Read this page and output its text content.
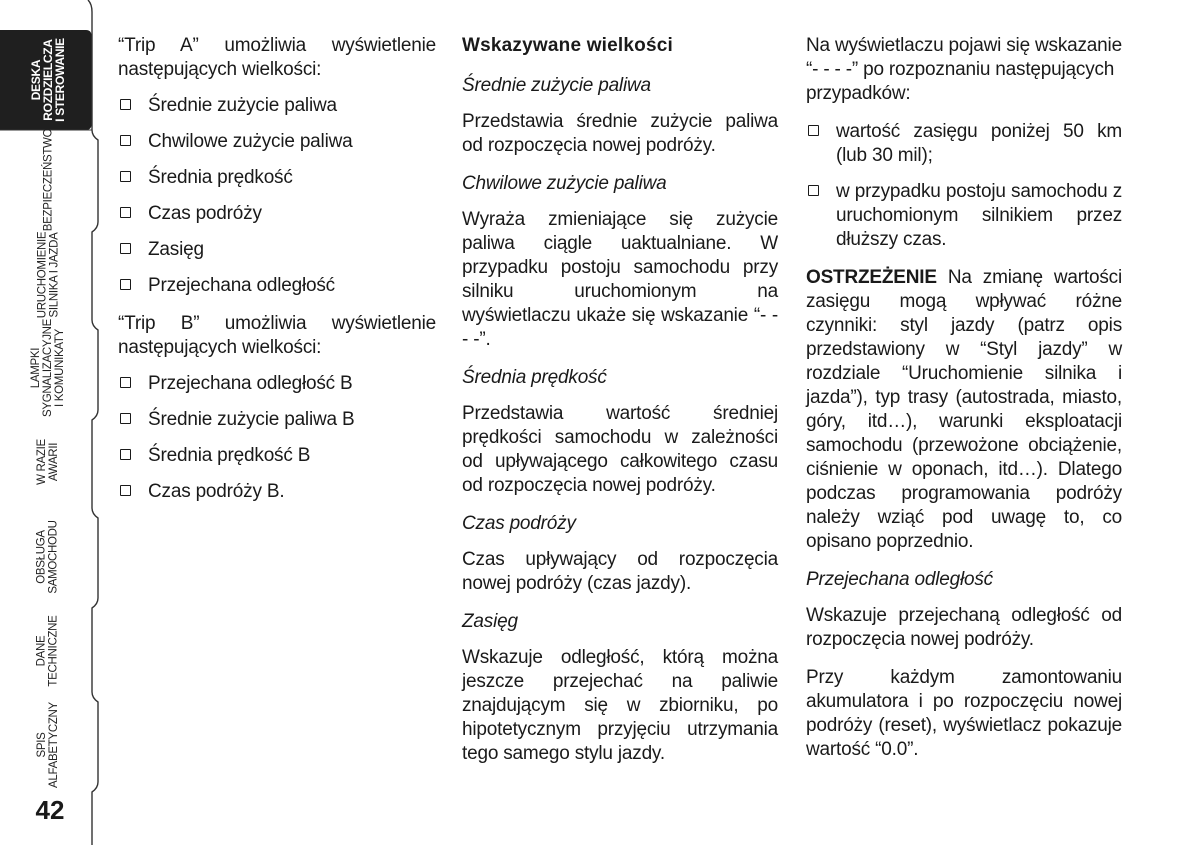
DESKA
ROZDZIELCZA
I STEROWANIE
BEZPIECZEŃSTWO
URUCHOMIENIE SILNIKA I JAZDA
LAMPKI SYGNALIZACYJNE I KOMUNIKATY
W RAZIE AWARII
OBSŁUGA SAMOCHODU
DANE TECHNICZNE
SPIS ALFABETYCZNY
42

“Trip A” umożliwia wyświetlenie następujących wielkości:

Średnie zużycie paliwa
Chwilowe zużycie paliwa
Średnia prędkość
Czas podróży
Zasięg
Przejechana odległość

“Trip B” umożliwia wyświetlenie następujących wielkości:

Przejechana odległość B
Średnie zużycie paliwa B
Średnia prędkość B
Czas podróży B.
Wskazywane wielkości

Średnie zużycie paliwa

Przedstawia średnie zużycie paliwa od rozpoczęcia nowej podróży.

Chwilowe zużycie paliwa

Wyraża zmieniające się zużycie paliwa ciągle uaktualniane. W przypadku postoju samochodu przy silniku uruchomionym na wyświetlaczu ukaże się wskazanie “- - - -”.

Średnia prędkość

Przedstawia wartość średniej prędkości samochodu w zależności od upływającego całkowitego czasu od rozpoczęcia nowej podróży.

Czas podróży

Czas upływający od rozpoczęcia nowej podróży (czas jazdy).

Zasięg

Wskazuje odległość, którą można jeszcze przejechać na paliwie znajdującym się w zbiorniku, po hipotetycznym przyjęciu utrzymania tego samego stylu jazdy.

Na wyświetlaczu pojawi się wskazanie “- - - -” po rozpoznaniu następujących przypadków:

wartość zasięgu poniżej 50 km (lub 30 mil);
w przypadku postoju samochodu z uruchomionym silnikiem przez dłuższy czas.

OSTRZEŻENIE Na zmianę wartości zasięgu mogą wpływać różne czynniki: styl jazdy (patrz opis przedstawiony w “Styl jazdy” w rozdziale “Uruchomienie silnika i jazda”), typ trasy (autostrada, miasto, góry, itd…), warunki eksploatacji samochodu (przewożone obciążenie, ciśnienie w oponach, itd…). Dlatego podczas programowania podróży należy wziąć pod uwagę to, co opisano poprzednio.

Przejechana odległość

Wskazuje przejechaną odległość od rozpoczęcia nowej podróży.

Przy każdym zamontowaniu akumulatora i po rozpoczęciu nowej podróży (reset), wyświetlacz pokazuje wartość “0.0”.
